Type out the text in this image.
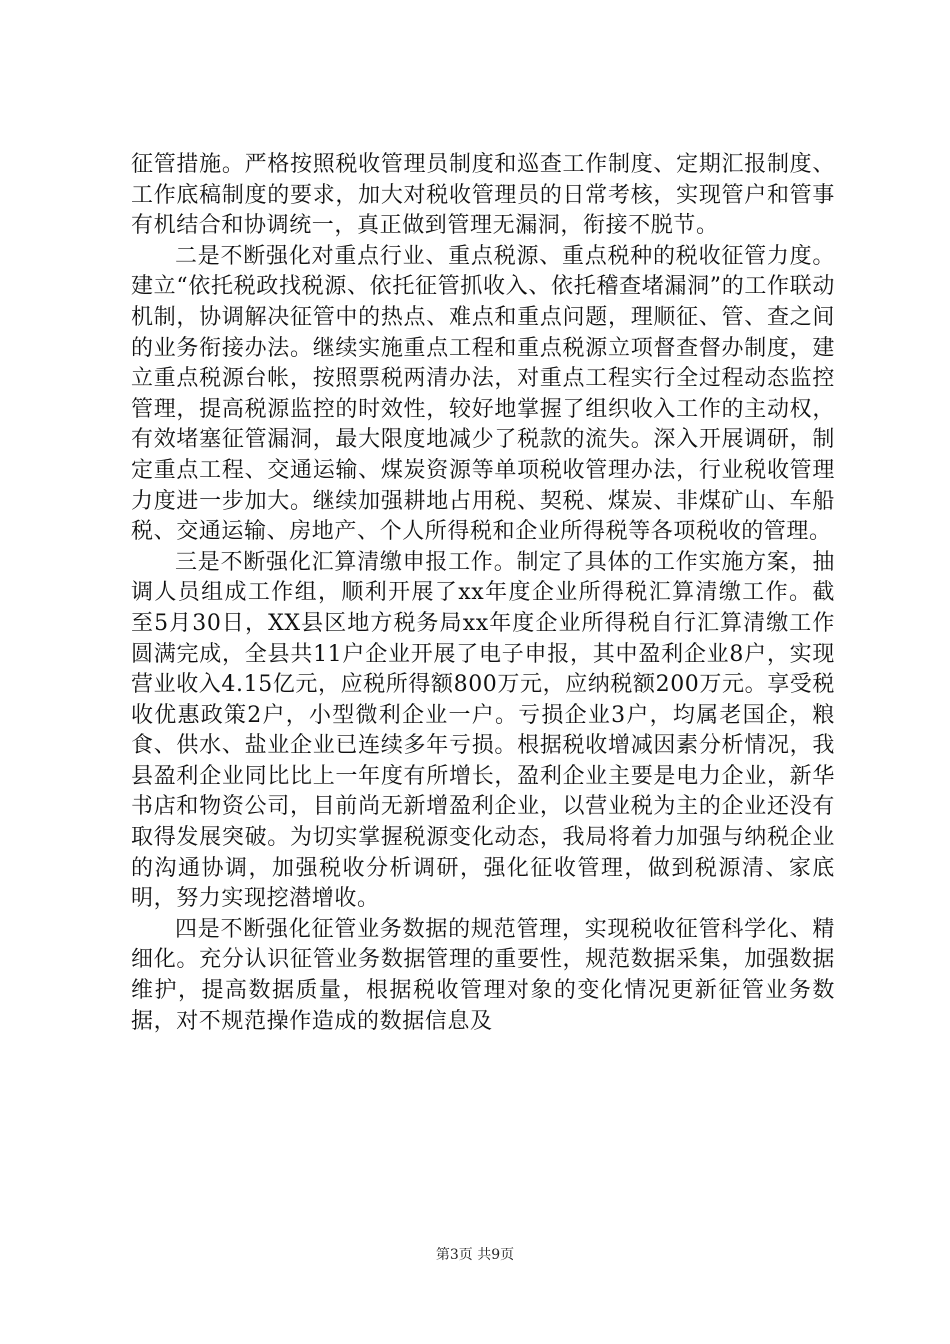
征管措施。严格按照税收管理员制度和巡查工作制度、定期汇报制度、工作底稿制度的要求，加大对税收管理员的日常考核，实现管户和管事有机结合和协调统一，真正做到管理无漏洞，衔接不脱节。

二是不断强化对重点行业、重点税源、重点税种的税收征管力度。建立“依托税政找税源、依托征管抓收入、依托稽查堵漏洞”的工作联动机制，协调解决征管中的热点、难点和重点问题，理顺征、管、查之间的业务衔接办法。继续实施重点工程和重点税源立项督查督办制度，建立重点税源台帐，按照票税两清办法，对重点工程实行全过程动态监控管理，提高税源监控的时效性，较好地掌握了组织收入工作的主动权，有效堵塞征管漏洞，最大限度地减少了税款的流失。深入开展调研，制定重点工程、交通运输、煤炭资源等单项税收管理办法，行业税收管理力度进一步加大。继续加强耕地占用税、契税、煤炭、非煤矿山、车船税、交通运输、房地产、个人所得税和企业所得税等各项税收的管理。

三是不断强化汇算清缴申报工作。制定了具体的工作实施方案，抽调人员组成工作组，顺利开展了xx年度企业所得税汇算清缴工作。截至5月30日，XX县区地方税务局xx年度企业所得税自行汇算清缴工作圆满完成，全县共11户企业开展了电子申报，其中盈利企业8户，实现营业收入4.15亿元，应税所得额800万元，应纳税额200万元。享受税收优惠政策2户，小型微利企业一户。亏损企业3户，均属老国企，粮食、供水、盐业企业已连续多年亏损。根据税收增减因素分析情况，我县盈利企业同比比上一年度有所增长，盈利企业主要是电力企业，新华书店和物资公司，目前尚无新增盈利企业，以营业税为主的企业还没有取得发展突破。为切实掌握税源变化动态，我局将着力加强与纳税企业的沟通协调，加强税收分析调研，强化征收管理，做到税源清、家底明，努力实现挖潜增收。

四是不断强化征管业务数据的规范管理，实现税收征管科学化、精细化。充分认识征管业务数据管理的重要性，规范数据采集，加强数据维护，提高数据质量，根据税收管理对象的变化情况更新征管业务数据，对不规范操作造成的数据信息及

第3页 共9页
